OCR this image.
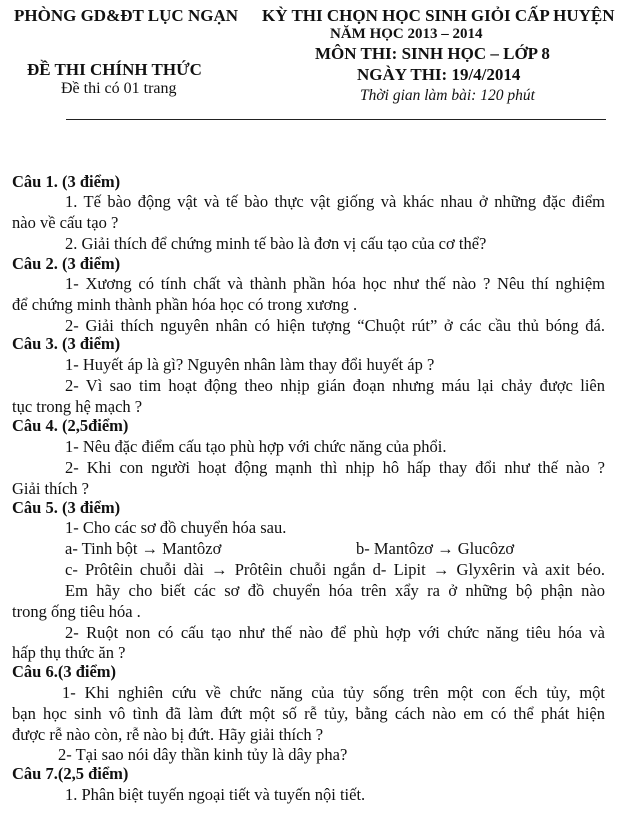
PHÒNG GD&ĐT LỤC NGẠN KỲ THI CHỌN HỌC SINH GIỎI CẤP HUYỆN
NĂM HỌC 2013 – 2014
MÔN THI: SINH HỌC – LỚP 8
ĐỀ THI CHÍNH THỨC	NGÀY THI: 19/4/2014
Đề thi có 01 trang	Thời gian làm bài: 120 phút
Câu 1. (3 điểm)
1. Tế bào động vật và tế bào thực vật giống và khác nhau ở những đặc điểm
nào về cấu tạo ?
2. Giải thích để chứng minh tế bào là đơn vị cấu tạo của cơ thể?
Câu 2. (3 điểm)
1- Xương có tính chất và thành phần hóa học như thế nào ? Nêu thí nghiệm
để chứng minh thành phần hóa học có trong xương .
2- Giải thích nguyên nhân có hiện tượng “Chuột rút” ở các cầu thủ bóng đá.
Câu 3. (3 điểm)
1- Huyết áp là gì? Nguyên nhân làm thay đổi huyết áp ?
2- Vì sao tim hoạt động theo nhịp gián đoạn nhưng máu lại chảy được liên
tục trong hệ mạch ?
Câu 4. (2,5điểm)
1- Nêu đặc điểm cấu tạo phù hợp với chức năng của phổi.
2- Khi con người hoạt động mạnh thì nhịp hô hấp thay đổi như thế nào ?
Giải thích ?
Câu 5. (3 điểm)
1- Cho các sơ đồ chuyển hóa sau.
a- Tinh bột → Mantôzơ	b- Mantôzơ → Glucôzơ
c- Prôtêin chuỗi dài → Prôtêin chuỗi ngắn d- Lipit → Glyxêrin và axit béo.
Em hãy cho biết các sơ đồ chuyển hóa trên xẩy ra ở những bộ phận nào
trong ống tiêu hóa .
2- Ruột non có cấu tạo như thế nào để phù hợp với chức năng tiêu hóa và
hấp thụ thức ăn ?
Câu 6.(3 điểm)
1- Khi nghiên cứu về chức năng của tủy sống trên một con ếch tủy, một
bạn học sinh vô tình đã làm đứt một số rễ tủy, bằng cách nào em có thể phát hiện
được rễ nào còn, rễ nào bị đứt. Hãy giải thích ?
2- Tại sao nói dây thần kinh tủy là dây pha?
Câu 7.(2,5 điểm)
1. Phân biệt tuyến ngoại tiết và tuyến nội tiết.
